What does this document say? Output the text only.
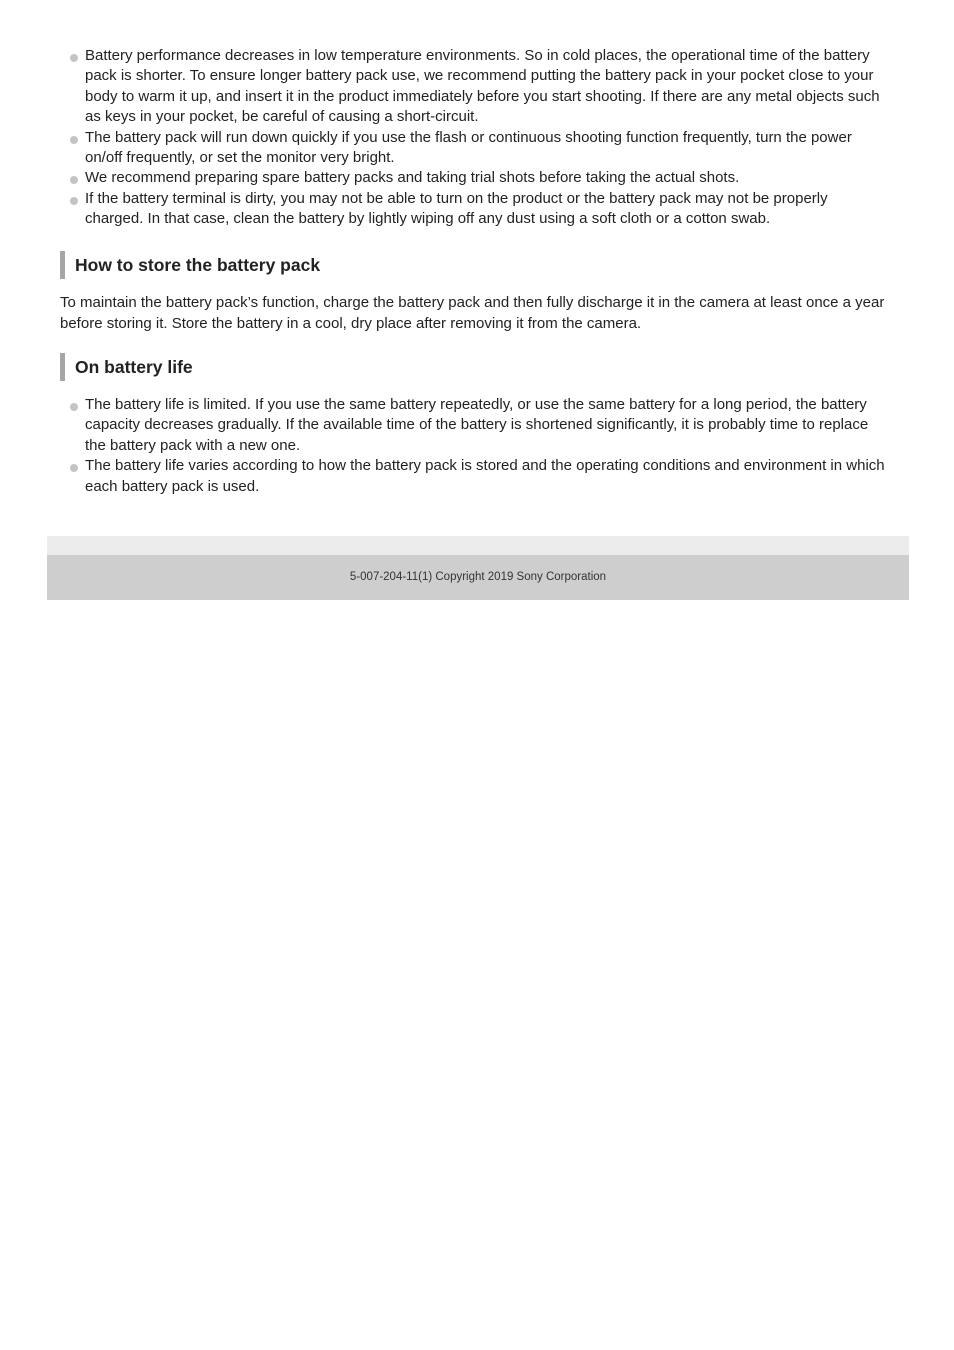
Battery performance decreases in low temperature environments. So in cold places, the operational time of the battery pack is shorter. To ensure longer battery pack use, we recommend putting the battery pack in your pocket close to your body to warm it up, and insert it in the product immediately before you start shooting. If there are any metal objects such as keys in your pocket, be careful of causing a short-circuit.
The battery pack will run down quickly if you use the flash or continuous shooting function frequently, turn the power on/off frequently, or set the monitor very bright.
We recommend preparing spare battery packs and taking trial shots before taking the actual shots.
If the battery terminal is dirty, you may not be able to turn on the product or the battery pack may not be properly charged. In that case, clean the battery by lightly wiping off any dust using a soft cloth or a cotton swab.
How to store the battery pack

To maintain the battery pack’s function, charge the battery pack and then fully discharge it in the camera at least once a year before storing it. Store the battery in a cool, dry place after removing it from the camera.

On battery life
The battery life is limited. If you use the same battery repeatedly, or use the same battery for a long period, the battery capacity decreases gradually. If the available time of the battery is shortened significantly, it is probably time to replace the battery pack with a new one.
The battery life varies according to how the battery pack is stored and the operating conditions and environment in which each battery pack is used.
5-007-204-11(1) Copyright 2019 Sony Corporation
